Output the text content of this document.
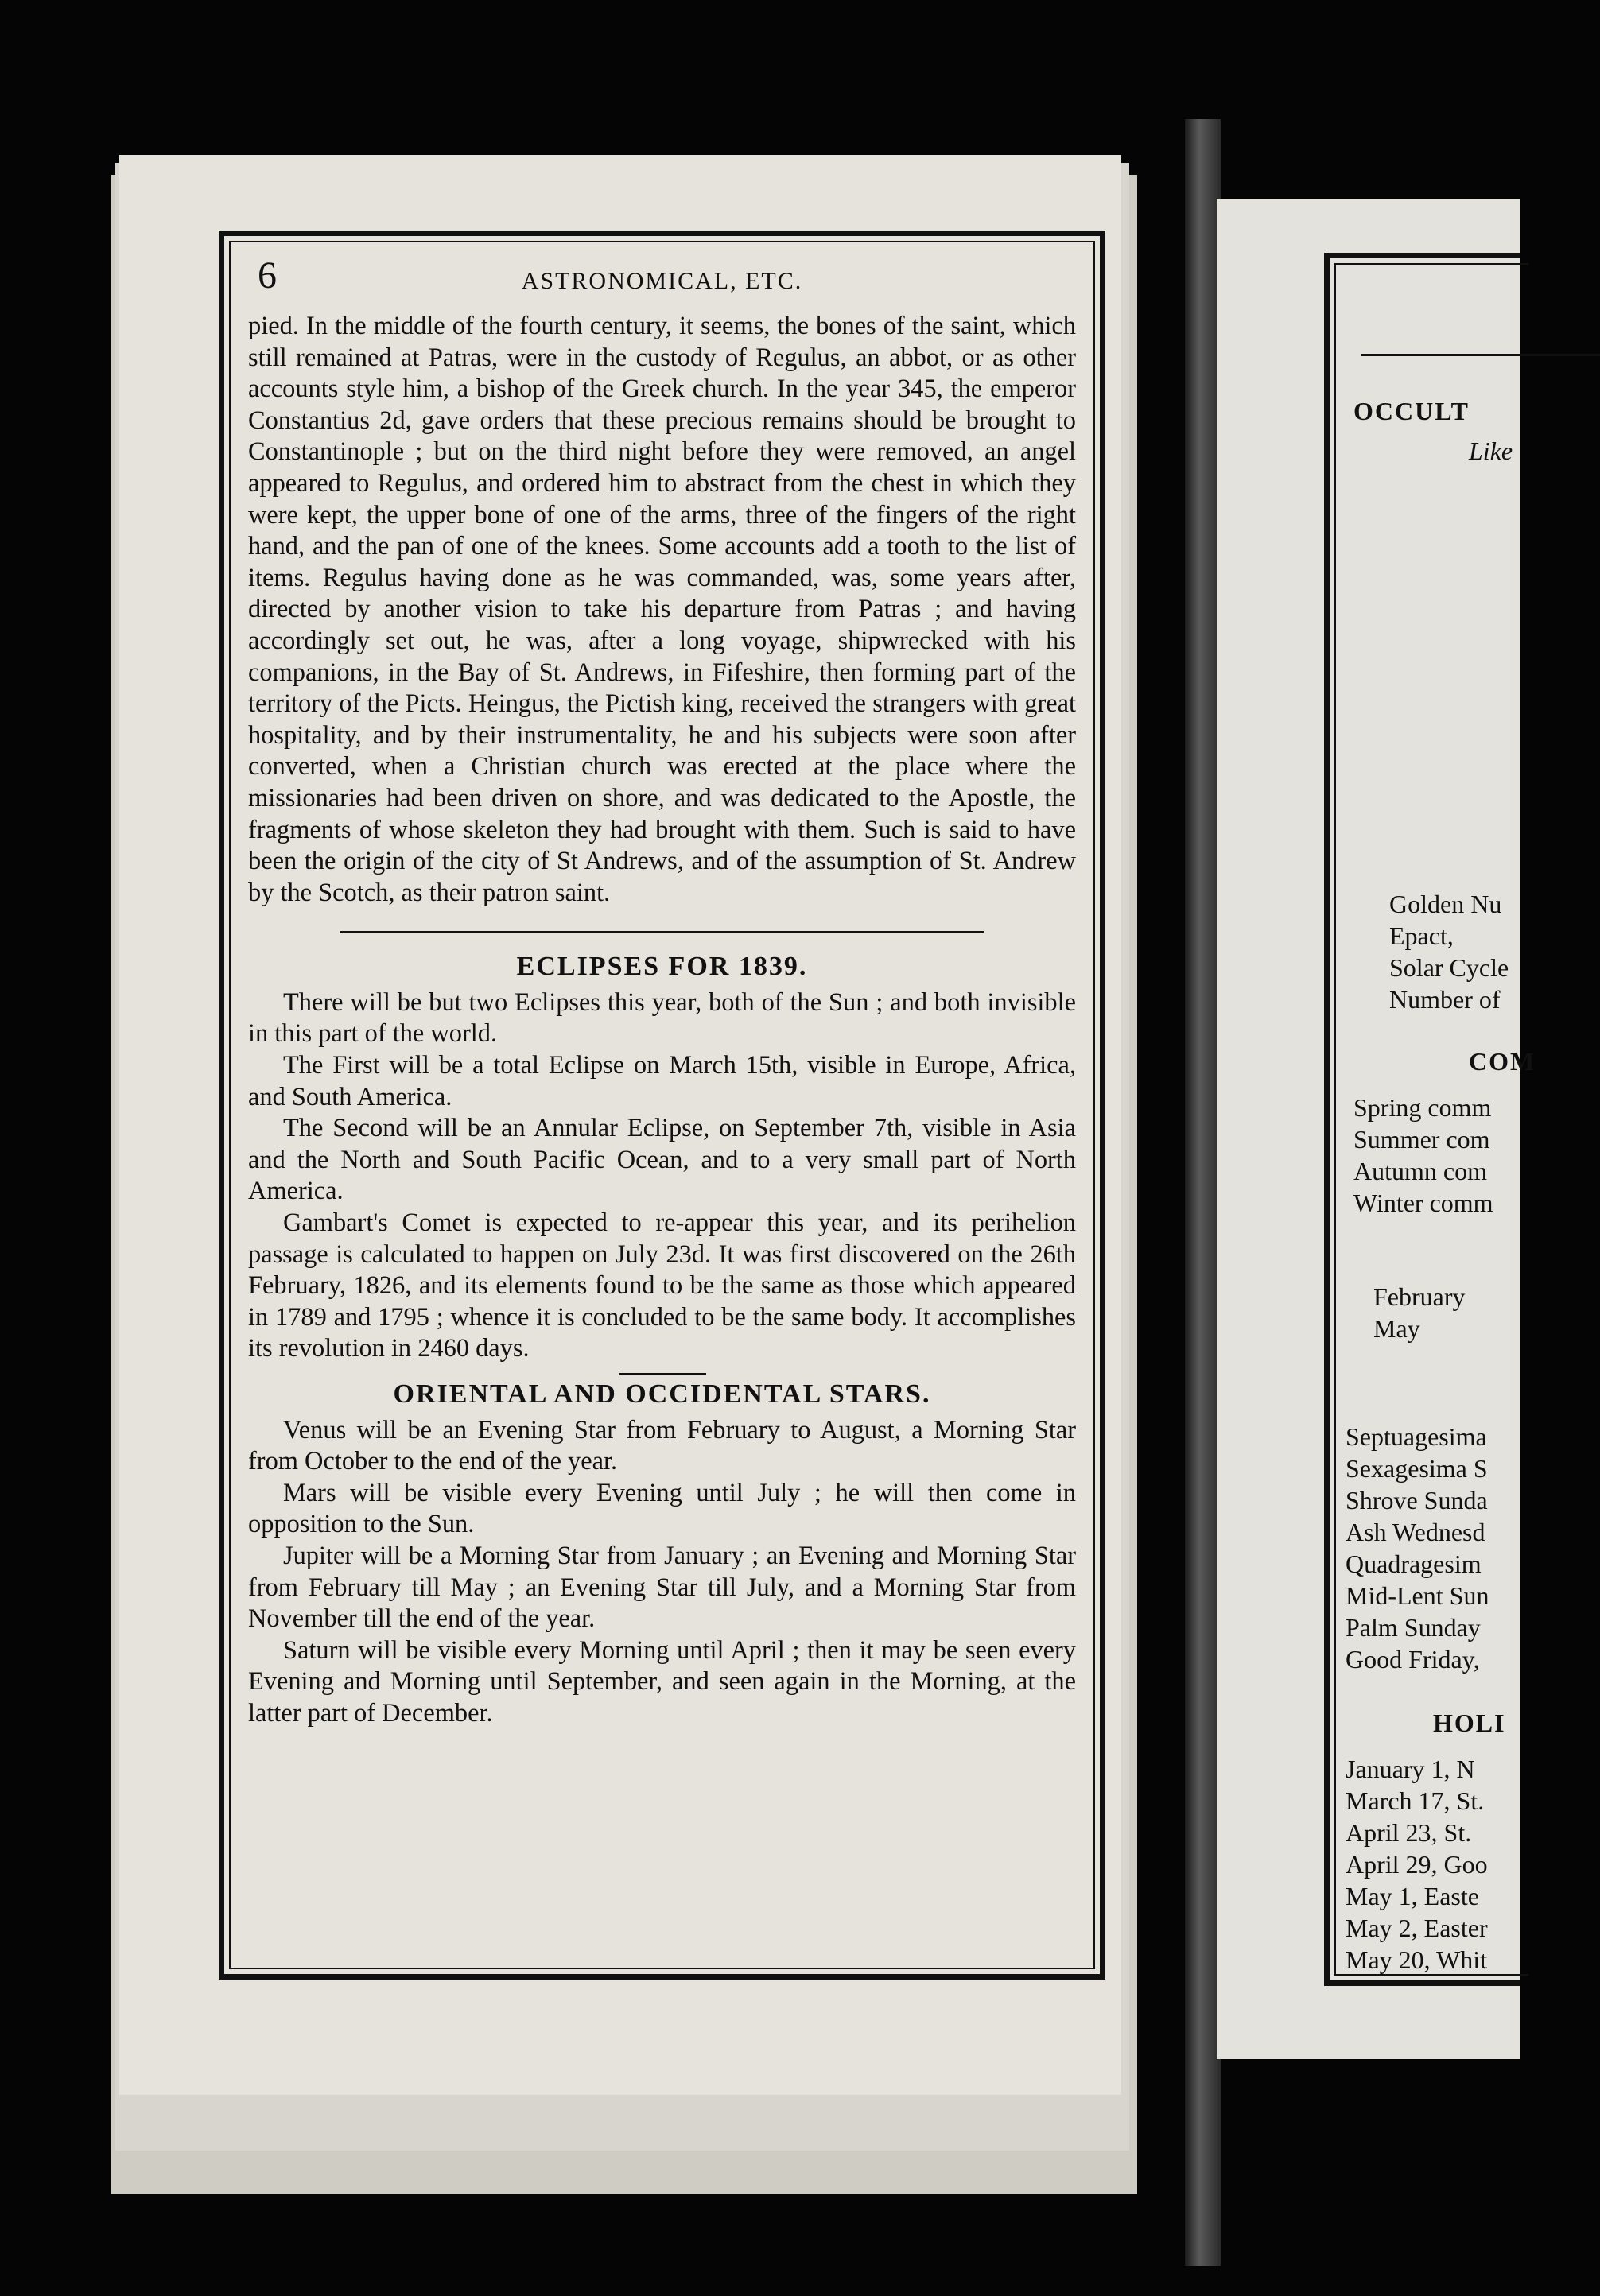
6	ASTRONOMICAL, ETC.

pied. In the middle of the fourth century, it seems, the bones of the saint, which still remained at Patras, were in the custody of Regulus, an abbot, or as other accounts style him, a bishop of the Greek church. In the year 345, the emperor Constantius 2d, gave orders that these precious remains should be brought to Constantinople ; but on the third night before they were removed, an angel appeared to Regulus, and ordered him to abstract from the chest in which they were kept, the upper bone of one of the arms, three of the fingers of the right hand, and the pan of one of the knees. Some accounts add a tooth to the list of items. Regulus having done as he was commanded, was, some years after, directed by another vision to take his departure from Patras ; and having accordingly set out, he was, after a long voyage, shipwrecked with his companions, in the Bay of St. Andrews, in Fifeshire, then forming part of the territory of the Picts. Heingus, the Pictish king, received the strangers with great hospitality, and by their instrumentality, he and his subjects were soon after converted, when a Christian church was erected at the place where the missionaries had been driven on shore, and was dedicated to the Apostle, the fragments of whose skeleton they had brought with them. Such is said to have been the origin of the city of St Andrews, and of the assumption of St. Andrew by the Scotch, as their patron saint.

ECLIPSES FOR 1839.

There will be but two Eclipses this year, both of the Sun ; and both invisible in this part of the world.

The First will be a total Eclipse on March 15th, visible in Europe, Africa, and South America.

The Second will be an Annular Eclipse, on September 7th, visible in Asia and the North and South Pacific Ocean, and to a very small part of North America.

Gambart's Comet is expected to re-appear this year, and its perihelion passage is calculated to happen on July 23d. It was first discovered on the 26th February, 1826, and its elements found to be the same as those which appeared in 1789 and 1795 ; whence it is concluded to be the same body. It accomplishes its revolution in 2460 days.

ORIENTAL AND OCCIDENTAL STARS.

Venus will be an Evening Star from February to August, a Morning Star from October to the end of the year.

Mars will be visible every Evening until July ; he will then come in opposition to the Sun.

Jupiter will be a Morning Star from January ; an Evening and Morning Star from February till May ; an Evening Star till July, and a Morning Star from November till the end of the year.

Saturn will be visible every Morning until April ; then it may be seen every Evening and Morning until September, and seen again in the Morning, at the latter part of December.

OCCULT
Like
Golden Nu
Epact,
Solar Cycle
Number of
COM
Spring comm
Summer com
Autumn com
Winter comm
February
May
Septuagesima
Sexagesima S
Shrove Sunda
Ash Wednesd
Quadragesim
Mid-Lent Sun
Palm Sunday
Good Friday,
HOLI
January 1, N
March 17, St.
April 23, St.
April 29, Goo
May 1, Easte
May 2, Easter
May 20, Whit
